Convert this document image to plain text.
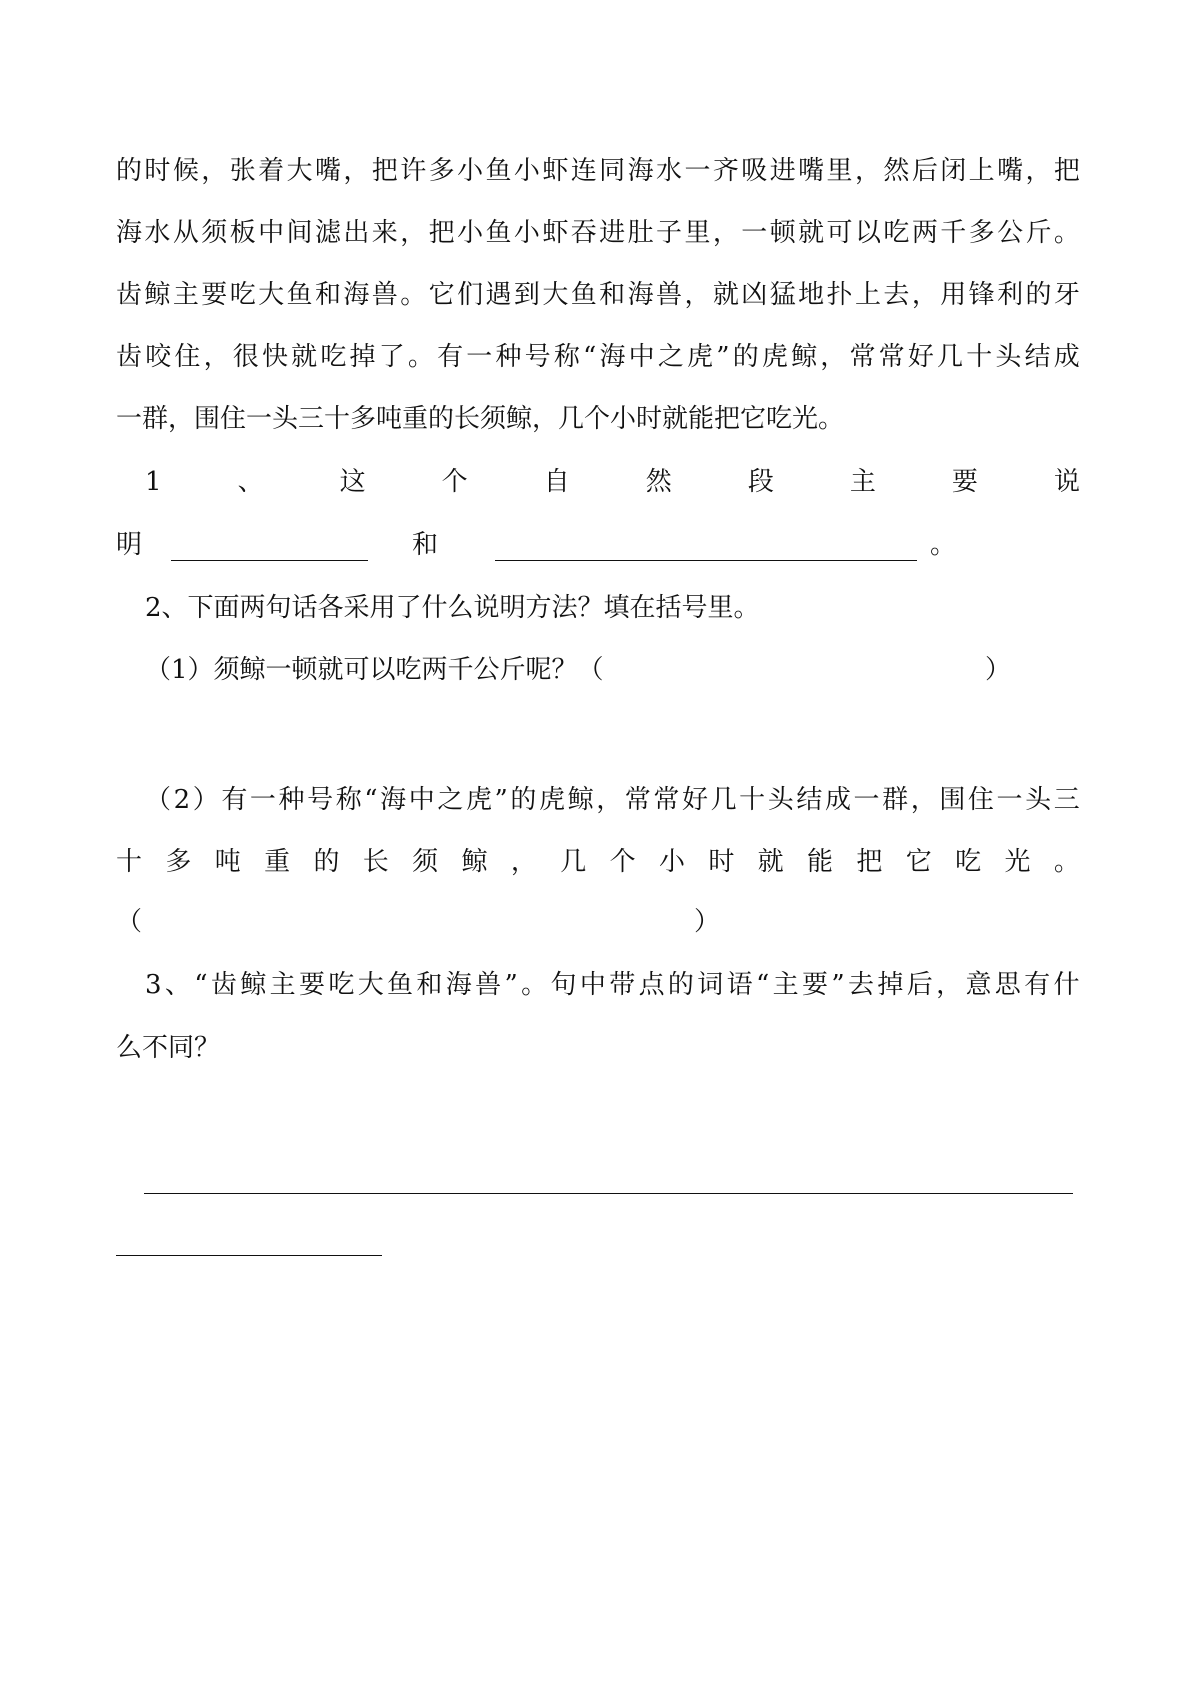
的 时 候 ， 张 着 大 嘴 ， 把 许 多 小 鱼 小 虾 连 同 海 水 一 齐 吸 进 嘴 里 ， 然 后 闭 上 嘴 ， 把
海 水 从 须 板 中 间 滤 出 来 ， 把 小 鱼 小 虾 吞 进 肚 子 里 ， 一 顿 就 可 以 吃 两 千 多 公 斤 。
齿 鲸 主 要 吃 大 鱼 和 海 兽 。 它 们 遇 到 大 鱼 和 海 兽 ， 就 凶 猛 地 扑 上 去 ， 用 锋 利 的 牙
齿 咬 住 ， 很 快 就 吃 掉 了 。 有 一 种 号 称 “ 海 中 之 虎 ” 的 虎 鲸 ， 常 常 好 几 十 头 结 成
一群，围住一头三十多吨重的长须鲸，几个小时就能把它吃光。
1	、	这	个	自	然	段	主	要	说
明	和	。
2、下面两句话各采用了什么说明方法？填在括号里。
（1）须鲸一顿就可以吃两千公斤呢？（	）
（ 2 ） 有 一 种 号 称 “ 海 中 之 虎 ” 的 虎 鲸 ， 常 常 好 几 十 头 结 成 一 群 ， 围 住 一 头 三
十 多 吨 重 的 长 须 鲸 ， 几 个 小 时 就 能 把 它 吃 光 。
（	）
3 、 “ 齿 鲸 主 要 吃 大 鱼 和 海 兽 ” 。 句 中 带 点 的 词 语 “ 主 要 ” 去 掉 后 ， 意 思 有 什
么不同？
